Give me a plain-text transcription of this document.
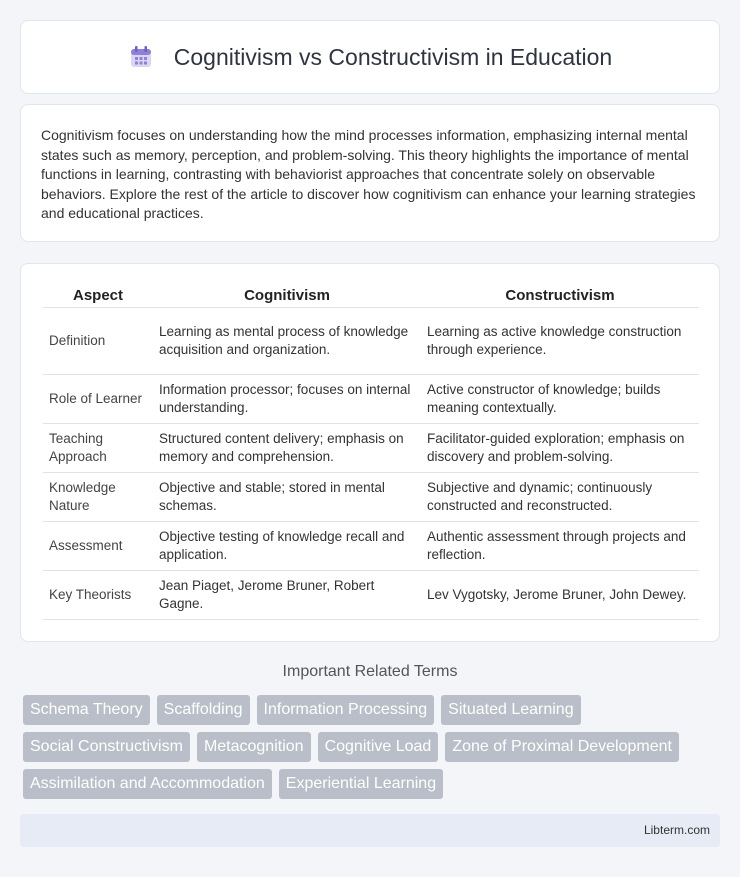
Cognitivism vs Constructivism in Education

Cognitivism focuses on understanding how the mind processes information, emphasizing internal mental states such as memory, perception, and problem-solving. This theory highlights the importance of mental functions in learning, contrasting with behaviorist approaches that concentrate solely on observable behaviors. Explore the rest of the article to discover how cognitivism can enhance your learning strategies and educational practices.

Aspect	Cognitivism	Constructivism
Definition	Learning as mental process of knowledge acquisition and organization.	Learning as active knowledge construction through experience.
Role of Learner	Information processor; focuses on internal understanding.	Active constructor of knowledge; builds meaning contextually.
Teaching Approach	Structured content delivery; emphasis on memory and comprehension.	Facilitator-guided exploration; emphasis on discovery and problem-solving.
Knowledge Nature	Objective and stable; stored in mental schemas.	Subjective and dynamic; continuously constructed and reconstructed.
Assessment	Objective testing of knowledge recall and application.	Authentic assessment through projects and reflection.
Key Theorists	Jean Piaget, Jerome Bruner, Robert Gagne.	Lev Vygotsky, Jerome Bruner, John Dewey.
Important Related Terms
Schema Theory	Scaffolding	Information Processing	Situated Learning
Social Constructivism	Metacognition	Cognitive Load	Zone of Proximal Development
Assimilation and Accommodation	Experiential Learning
Libterm.com
